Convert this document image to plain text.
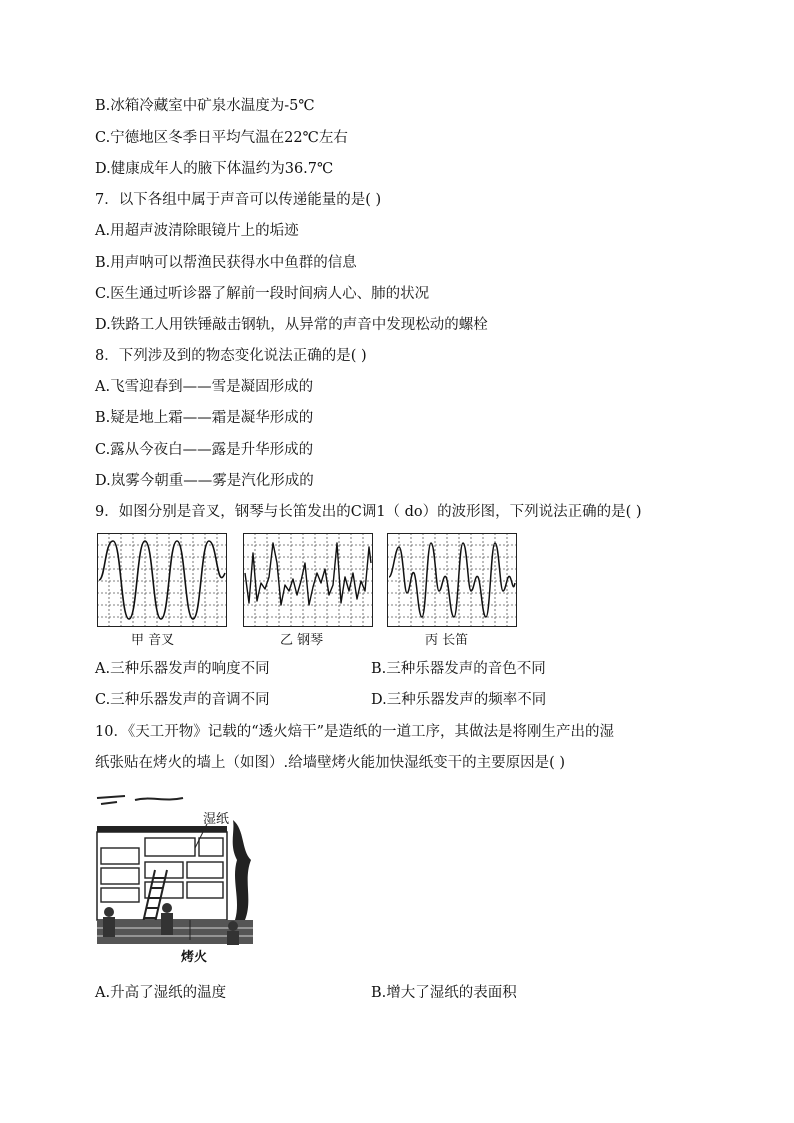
B.冰箱冷藏室中矿泉水温度为-5℃
C.宁德地区冬季日平均气温在22℃左右
D.健康成年人的腋下体温约为36.7℃
7．以下各组中属于声音可以传递能量的是( )
A.用超声波清除眼镜片上的垢迹
B.用声呐可以帮渔民获得水中鱼群的信息
C.医生通过听诊器了解前一段时间病人心、肺的状况
D.铁路工人用铁锤敲击钢轨，从异常的声音中发现松动的螺栓
8．下列涉及到的物态变化说法正确的是( )
A.飞雪迎春到——雪是凝固形成的
B.疑是地上霜——霜是凝华形成的
C.露从今夜白——露是升华形成的
D.岚雾今朝重——雾是汽化形成的
9．如图分别是音叉，钢琴与长笛发出的C调1（ do）的波形图，下列说法正确的是( )
甲 音叉	乙 钢琴	丙 长笛
A.三种乐器发声的响度不同	B.三种乐器发声的音色不同
C.三种乐器发声的音调不同	D.三种乐器发声的频率不同
10．《天工开物》记载的“透火焙干”是造纸的一道工序，其做法是将刚生产出的湿
纸张贴在烤火的墙上（如图）.给墙壁烤火能加快湿纸变干的主要原因是( )
湿纸
烤火
A.升高了湿纸的温度	B.增大了湿纸的表面积
